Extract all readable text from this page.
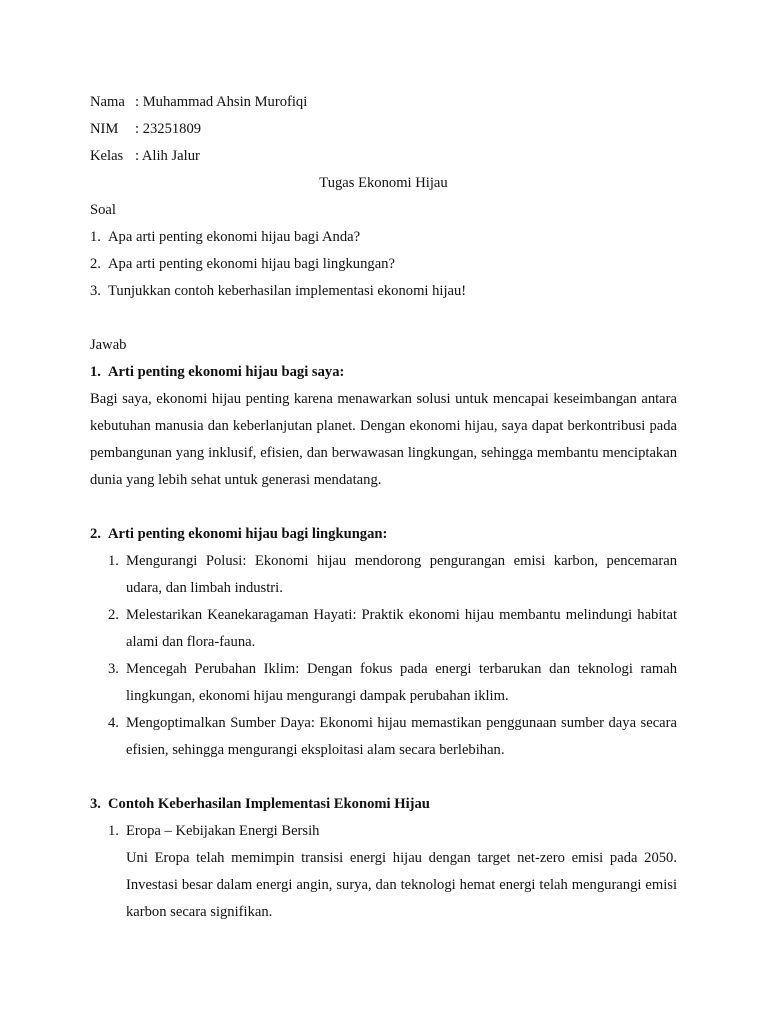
Nama : Muhammad Ahsin Murofiqi
NIM : 23251809
Kelas : Alih Jalur
Tugas Ekonomi Hijau
Soal
1. Apa arti penting ekonomi hijau bagi Anda?
2. Apa arti penting ekonomi hijau bagi lingkungan?
3. Tunjukkan contoh keberhasilan implementasi ekonomi hijau!
Jawab
1. Arti penting ekonomi hijau bagi saya:

Bagi saya, ekonomi hijau penting karena menawarkan solusi untuk mencapai keseimbangan antara kebutuhan manusia dan keberlanjutan planet. Dengan ekonomi hijau, saya dapat berkontribusi pada pembangunan yang inklusif, efisien, dan berwawasan lingkungan, sehingga membantu menciptakan dunia yang lebih sehat untuk generasi mendatang.

2. Arti penting ekonomi hijau bagi lingkungan:
1. Mengurangi Polusi: Ekonomi hijau mendorong pengurangan emisi karbon, pencemaran udara, dan limbah industri.
2. Melestarikan Keanekaragaman Hayati: Praktik ekonomi hijau membantu melindungi habitat alami dan flora-fauna.
3. Mencegah Perubahan Iklim: Dengan fokus pada energi terbarukan dan teknologi ramah lingkungan, ekonomi hijau mengurangi dampak perubahan iklim.
4. Mengoptimalkan Sumber Daya: Ekonomi hijau memastikan penggunaan sumber daya secara efisien, sehingga mengurangi eksploitasi alam secara berlebihan.
3. Contoh Keberhasilan Implementasi Ekonomi Hijau
1. Eropa – Kebijakan Energi Bersih

Uni Eropa telah memimpin transisi energi hijau dengan target net-zero emisi pada 2050. Investasi besar dalam energi angin, surya, dan teknologi hemat energi telah mengurangi emisi karbon secara signifikan.
